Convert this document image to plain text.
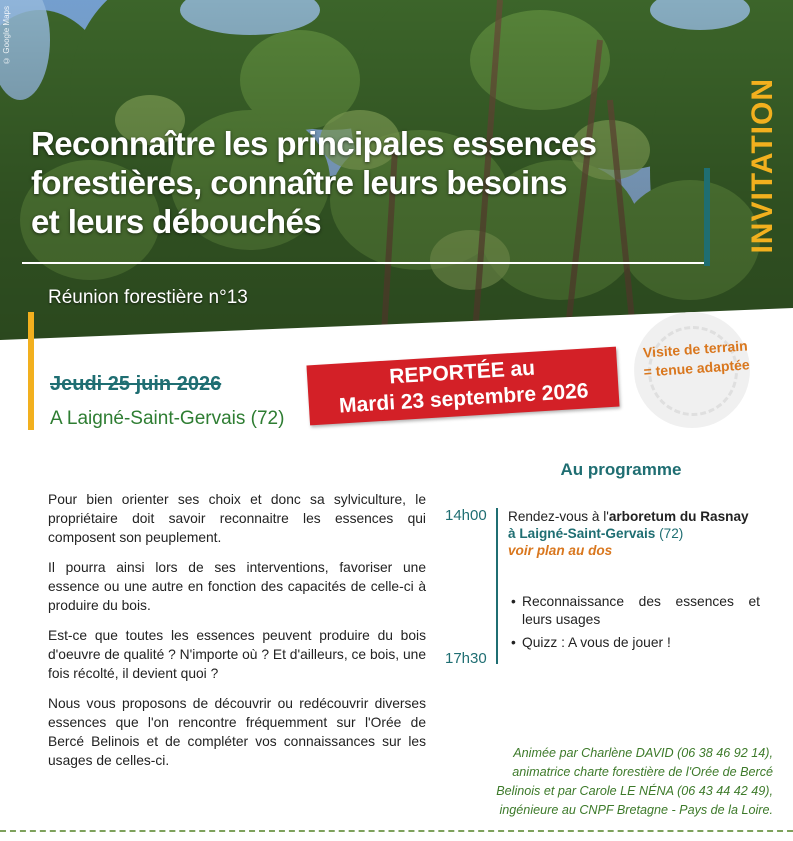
© Google Maps
Reconnaître les principales essences
forestières, connaître leurs besoins
et leurs débouchés	INVITATION

Réunion forestière n°13

Jeudi 25 juin 2026

A Laigné-Saint-Gervais (72)

REPORTÉE au
Mardi 23 septembre 2026
Visite de terrain
= tenue adaptée
Au programme

Pour bien orienter ses choix et donc sa sylviculture, le propriétaire doit savoir reconnaitre les essences qui composent son peuplement.

Il pourra ainsi lors de ses interventions, favoriser une essence ou une autre en fonction des capacités de celle-ci à produire du bois.

Est-ce que toutes les essences peuvent produire du bois d'oeuvre de qualité ? N'importe où ? Et d'ailleurs, ce bois, une fois récolté, il devient quoi ?

Nous vous proposons de découvrir ou redécouvrir diverses essences que l'on rencontre fréquemment sur l'Orée de Bercé Belinois et de compléter vos connaissances sur les usages de celles-ci.

14h00

17h30

Rendez-vous à l'arboretum du Rasnay
à Laigné-Saint-Gervais (72)
voir plan au dos
• Reconnaissance des essences et leurs usages
• Quizz : A vous de jouer !
Animée par Charlène DAVID (06 38 46 92 14),
animatrice charte forestière de l'Orée de Bercé
Belinois et par Carole LE NÉNA (06 43 44 42 49),
ingénieure au CNPF Bretagne - Pays de la Loire.
